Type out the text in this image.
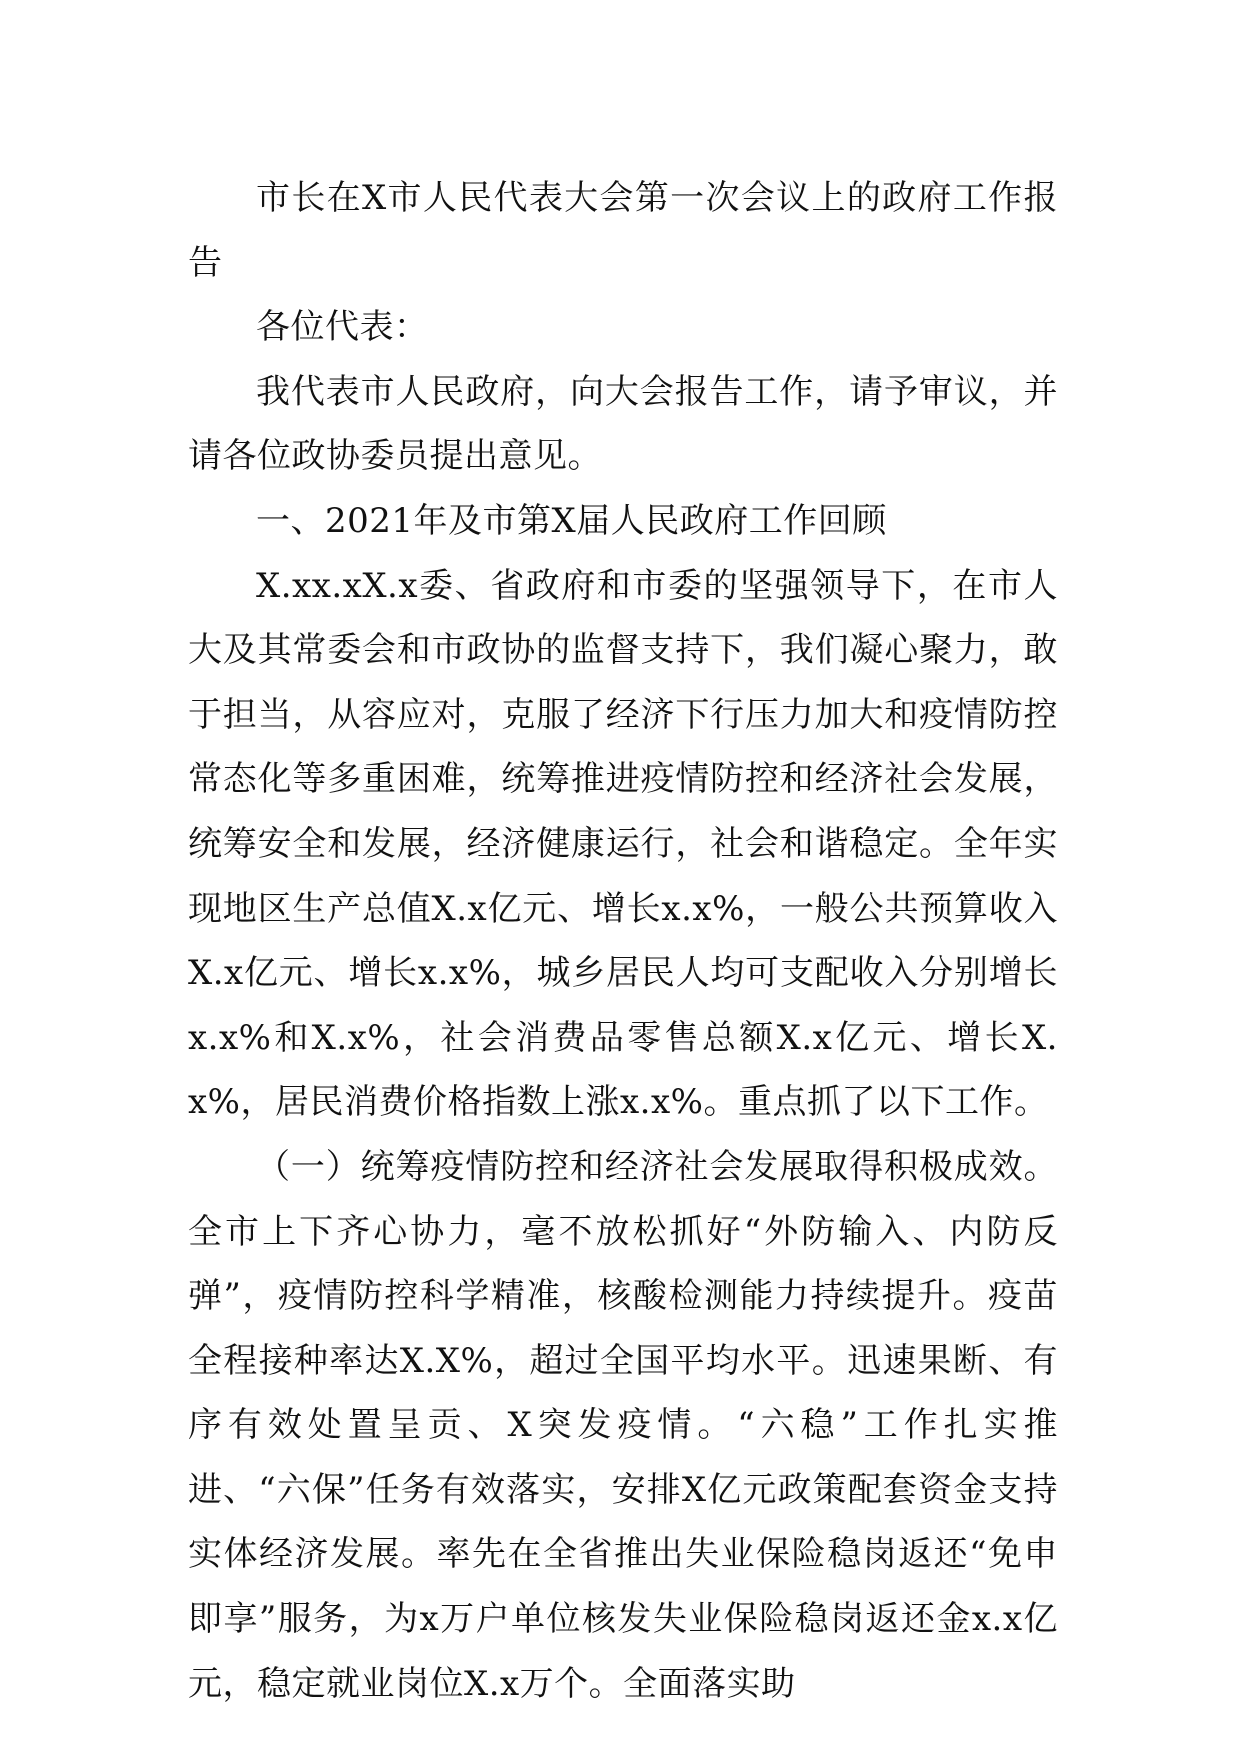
市长在X市人民代表大会第一次会议上的政府工作报告

各位代表：

我代表市人民政府，向大会报告工作，请予审议，并请各位政协委员提出意见。

一、2021年及市第X届人民政府工作回顾

X.xx.xX.x委、省政府和市委的坚强领导下，在市人大及其常委会和市政协的监督支持下，我们凝心聚力，敢于担当，从容应对，克服了经济下行压力加大和疫情防控常态化等多重困难，统筹推进疫情防控和经济社会发展，统筹安全和发展，经济健康运行，社会和谐稳定。全年实现地区生产总值X.x亿元、增长x.x%，一般公共预算收入X.x亿元、增长x.x%，城乡居民人均可支配收入分别增长x.x%和X.x%，社会消费品零售总额X.x亿元、增长X.x%，居民消费价格指数上涨x.x%。重点抓了以下工作。

（一）统筹疫情防控和经济社会发展取得积极成效。全市上下齐心协力，毫不放松抓好“外防输入、内防反弹”，疫情防控科学精准，核酸检测能力持续提升。疫苗全程接种率达X.X%，超过全国平均水平。迅速果断、有序有效处置呈贡、X突发疫情。“六稳”工作扎实推进、“六保”任务有效落实，安排X亿元政策配套资金支持实体经济发展。率先在全省推出失业保险稳岗返还“免申即享”服务，为x万户单位核发失业保险稳岗返还金x.x亿元，稳定就业岗位X.x万个。全面落实助
